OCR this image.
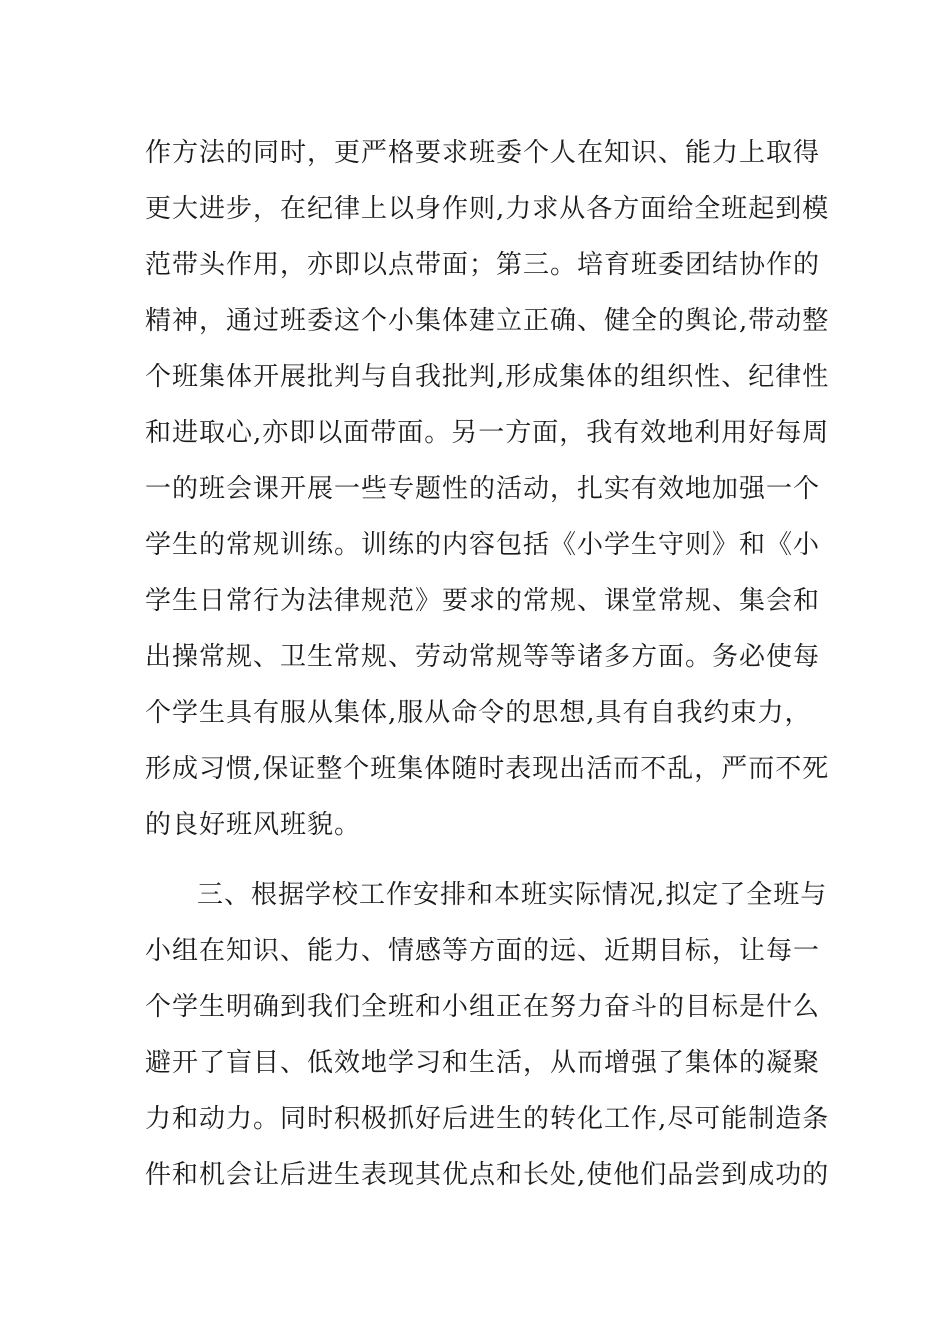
作方法的同时，更严格要求班委个人在知识、能力上取得
更大进步，在纪律上以身作则,力求从各方面给全班起到模
范带头作用，亦即以点带面；第三。培育班委团结协作的
精神，通过班委这个小集体建立正确、健全的舆论,带动整
个班集体开展批判与自我批判,形成集体的组织性、纪律性
和进取心,亦即以面带面。另一方面，我有效地利用好每周
一的班会课开展一些专题性的活动，扎实有效地加强一个
学生的常规训练。训练的内容包括《小学生守则》和《小
学生日常行为法律规范》要求的常规、课堂常规、集会和
出操常规、卫生常规、劳动常规等等诸多方面。务必使每
个学生具有服从集体,服从命令的思想,具有自我约束力，
形成习惯,保证整个班集体随时表现出活而不乱，严而不死
的良好班风班貌。
三、根据学校工作安排和本班实际情况,拟定了全班与
小组在知识、能力、情感等方面的远、近期目标，让每一
个学生明确到我们全班和小组正在努力奋斗的目标是什么
避开了盲目、低效地学习和生活，从而增强了集体的凝聚
力和动力。同时积极抓好后进生的转化工作,尽可能制造条
件和机会让后进生表现其优点和长处,使他们品尝到成功的
